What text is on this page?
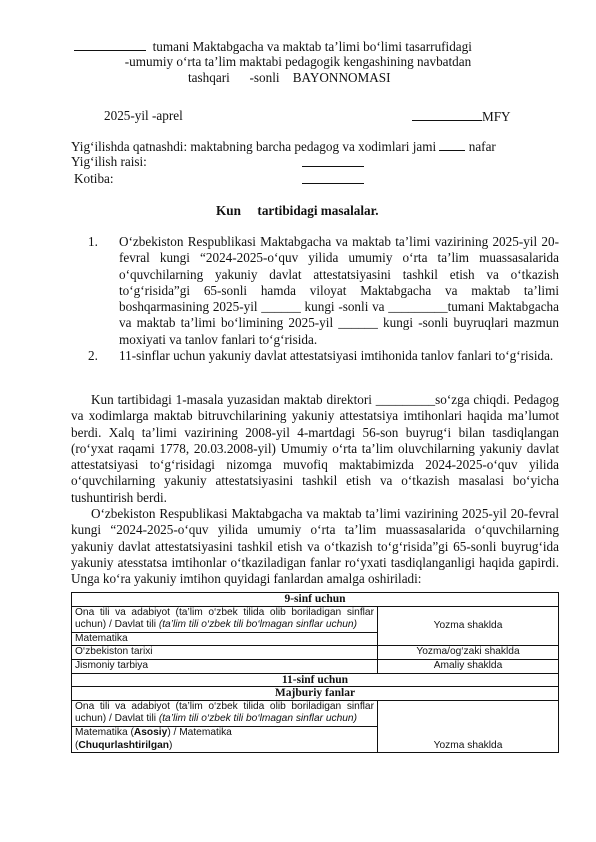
tumani Maktabgacha va maktab ta’limi bo‘limi tasarrufidagi
-umumiy o‘rta ta’lim maktabi pedagogik kengashining navbatdan
tashqari -sonli BAYONNOMASI
2025-yil -aprel	MFY
Yig‘ilishda qatnashdi: maktabning barcha pedagog va xodimlari jami nafar
Yig‘ilish raisi:
Kotiba:
Kun tartibidagi masalalar.
1. O‘zbekiston Respublikasi Maktabgacha va maktab ta’limi vazirining 2025-yil 20-fevral kungi “2024-2025-o‘quv yilida umumiy o‘rta ta’lim muassasalarida o‘quvchilarning yakuniy davlat attestatsiyasini tashkil etish va o‘tkazish to‘g‘risida”gi 65-sonli hamda viloyat Maktabgacha va maktab ta’limi boshqarmasining 2025-yil ______ kungi -sonli va _________tumani Maktabgacha va maktab ta’limi bo‘limining 2025-yil ______ kungi -sonli buyruqlari mazmun moxiyati va tanlov fanlari to‘g‘risida.
2. 11-sinflar uchun yakuniy davlat attestatsiyasi imtihonida tanlov fanlari to‘g‘risida.
Kun tartibidagi 1-masala yuzasidan maktab direktori _________so‘zga chiqdi. Pedagog va xodimlarga maktab bitruvchilarining yakuniy attestatsiya imtihonlari haqida ma’lumot berdi. Xalq ta’limi vazirining 2008-yil 4-martdagi 56-son buyrug‘i bilan tasdiqlangan (ro‘yxat raqami 1778, 20.03.2008-yil) Umumiy o‘rta ta’lim oluvchilarning yakuniy davlat attestatsiyasi to‘g‘risidagi nizomga muvofiq maktabimizda 2024-2025-o‘quv yilida o‘quvchilarning yakuniy attestatsiyasini tashkil etish va o‘tkazish masalasi bo‘yicha tushuntirish berdi.
O‘zbekiston Respublikasi Maktabgacha va maktab ta’limi vazirining 2025-yil 20-fevral kungi “2024-2025-o‘quv yilida umumiy o‘rta ta’lim muassasalarida o‘quvchilarning yakuniy davlat attestatsiyasini tashkil etish va o‘tkazish to‘g‘risida”gi 65-sonli buyrug‘ida yakuniy atesstatsa imtihonlar o‘tkaziladigan fanlar ro‘yxati tasdiqlanganligi haqida gapirdi. Unga ko‘ra yakuniy imtihon quyidagi fanlardan amalga oshiriladi:
9-sinf uchun	
Ona tili va adabiyot (ta’lim o‘zbek tilida olib boriladigan sinflar uchun) / Davlat tili (ta’lim tili o‘zbek tili bo‘lmagan sinflar uchun)	Yozma shaklda
Matematika	
O‘zbekiston tarixi	Yozma/og‘zaki shaklda
Jismoniy tarbiya	Amaliy shaklda
11-sinf uchun	
Majburiy fanlar	
Ona tili va adabiyot (ta’lim o‘zbek tilida olib boriladigan sinflar uchun) / Davlat tili (ta’lim tili o‘zbek tili bo‘lmagan sinflar uchun)	Yozma shaklda
Matematika (Asosiy) / Matematika
(Chuqurlashtirilgan)	
